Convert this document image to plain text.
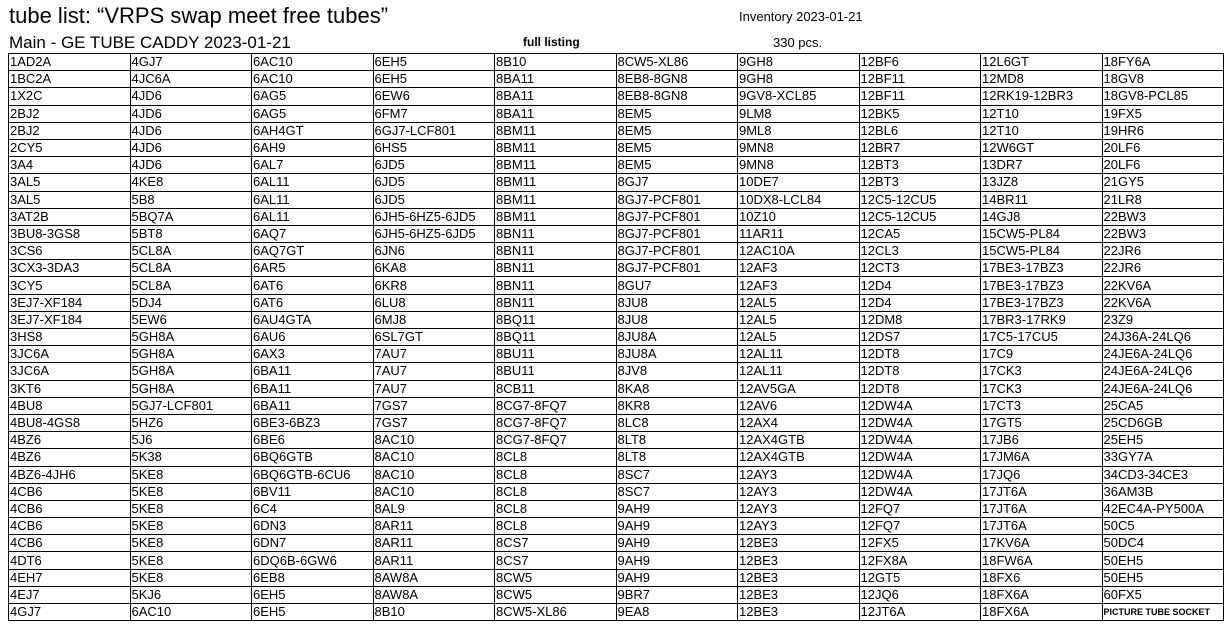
tube list: “VRPS swap meet free tubes”	Inventory 2023-01-21
Main - GE TUBE CADDY 2023-01-21	full listing	330 pcs.
1AD2A	4GJ7	6AC10	6EH5	8B10	8CW5-XL86	9GH8	12BF6	12L6GT	18FY6A
1BC2A	4JC6A	6AC10	6EH5	8BA11	8EB8-8GN8	9GH8	12BF11	12MD8	18GV8
1X2C	4JD6	6AG5	6EW6	8BA11	8EB8-8GN8	9GV8-XCL85	12BF11	12RK19-12BR3	18GV8-PCL85
2BJ2	4JD6	6AG5	6FM7	8BA11	8EM5	9LM8	12BK5	12T10	19FX5
2BJ2	4JD6	6AH4GT	6GJ7-LCF801	8BM11	8EM5	9ML8	12BL6	12T10	19HR6
2CY5	4JD6	6AH9	6HS5	8BM11	8EM5	9MN8	12BR7	12W6GT	20LF6
3A4	4JD6	6AL7	6JD5	8BM11	8EM5	9MN8	12BT3	13DR7	20LF6
3AL5	4KE8	6AL11	6JD5	8BM11	8GJ7	10DE7	12BT3	13JZ8	21GY5
3AL5	5B8	6AL11	6JD5	8BM11	8GJ7-PCF801	10DX8-LCL84	12C5-12CU5	14BR11	21LR8
3AT2B	5BQ7A	6AL11	6JH5-6HZ5-6JD5	8BM11	8GJ7-PCF801	10Z10	12C5-12CU5	14GJ8	22BW3
3BU8-3GS8	5BT8	6AQ7	6JH5-6HZ5-6JD5	8BN11	8GJ7-PCF801	11AR11	12CA5	15CW5-PL84	22BW3
3CS6	5CL8A	6AQ7GT	6JN6	8BN11	8GJ7-PCF801	12AC10A	12CL3	15CW5-PL84	22JR6
3CX3-3DA3	5CL8A	6AR5	6KA8	8BN11	8GJ7-PCF801	12AF3	12CT3	17BE3-17BZ3	22JR6
3CY5	5CL8A	6AT6	6KR8	8BN11	8GU7	12AF3	12D4	17BE3-17BZ3	22KV6A
3EJ7-XF184	5DJ4	6AT6	6LU8	8BN11	8JU8	12AL5	12D4	17BE3-17BZ3	22KV6A
3EJ7-XF184	5EW6	6AU4GTA	6MJ8	8BQ11	8JU8	12AL5	12DM8	17BR3-17RK9	23Z9
3HS8	5GH8A	6AU6	6SL7GT	8BQ11	8JU8A	12AL5	12DS7	17C5-17CU5	24J36A-24LQ6
3JC6A	5GH8A	6AX3	7AU7	8BU11	8JU8A	12AL11	12DT8	17C9	24JE6A-24LQ6
3JC6A	5GH8A	6BA11	7AU7	8BU11	8JV8	12AL11	12DT8	17CK3	24JE6A-24LQ6
3KT6	5GH8A	6BA11	7AU7	8CB11	8KA8	12AV5GA	12DT8	17CK3	24JE6A-24LQ6
4BU8	5GJ7-LCF801	6BA11	7GS7	8CG7-8FQ7	8KR8	12AV6	12DW4A	17CT3	25CA5
4BU8-4GS8	5HZ6	6BE3-6BZ3	7GS7	8CG7-8FQ7	8LC8	12AX4	12DW4A	17GT5	25CD6GB
4BZ6	5J6	6BE6	8AC10	8CG7-8FQ7	8LT8	12AX4GTB	12DW4A	17JB6	25EH5
4BZ6	5K38	6BQ6GTB	8AC10	8CL8	8LT8	12AX4GTB	12DW4A	17JM6A	33GY7A
4BZ6-4JH6	5KE8	6BQ6GTB-6CU6	8AC10	8CL8	8SC7	12AY3	12DW4A	17JQ6	34CD3-34CE3
4CB6	5KE8	6BV11	8AC10	8CL8	8SC7	12AY3	12DW4A	17JT6A	36AM3B
4CB6	5KE8	6C4	8AL9	8CL8	9AH9	12AY3	12FQ7	17JT6A	42EC4A-PY500A
4CB6	5KE8	6DN3	8AR11	8CL8	9AH9	12AY3	12FQ7	17JT6A	50C5
4CB6	5KE8	6DN7	8AR11	8CS7	9AH9	12BE3	12FX5	17KV6A	50DC4
4DT6	5KE8	6DQ6B-6GW6	8AR11	8CS7	9AH9	12BE3	12FX8A	18FW6A	50EH5
4EH7	5KE8	6EB8	8AW8A	8CW5	9AH9	12BE3	12GT5	18FX6	50EH5
4EJ7	5KJ6	6EH5	8AW8A	8CW5	9BR7	12BE3	12JQ6	18FX6A	60FX5
4GJ7	6AC10	6EH5	8B10	8CW5-XL86	9EA8	12BE3	12JT6A	18FX6A	PICTURE TUBE SOCKET
